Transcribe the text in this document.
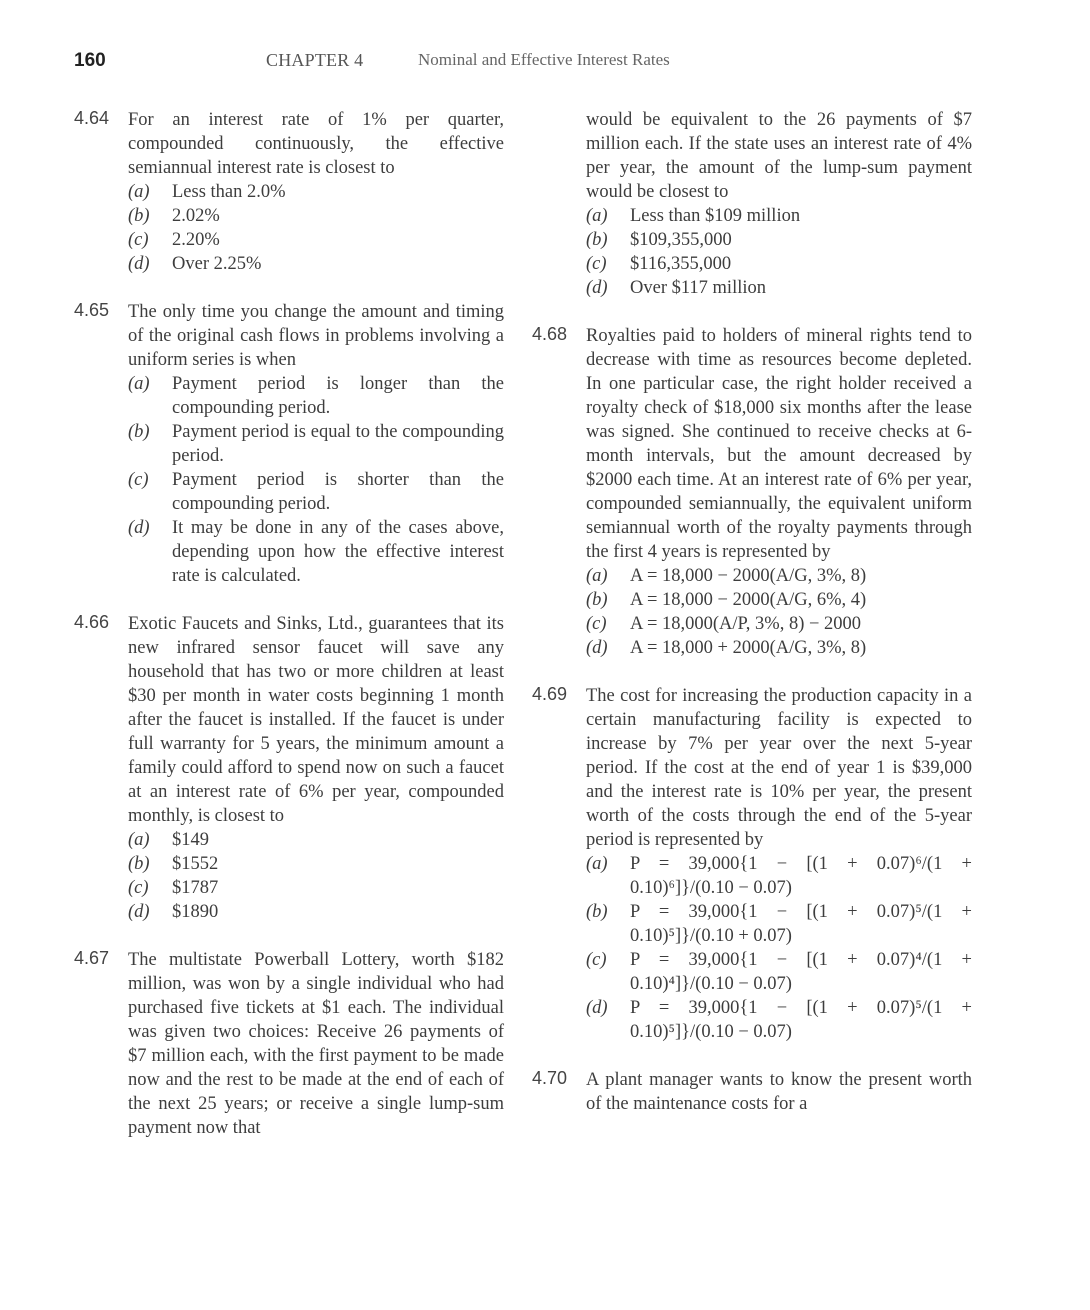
160	CHAPTER 4	Nominal and Effective Interest Rates
4.64 For an interest rate of 1% per quarter, compounded continuously, the effective semiannual interest rate is closest to
(a)	Less than 2.0%
(b)	2.02%
(c)	2.20%
(d)	Over 2.25%
4.65 The only time you change the amount and timing of the original cash flows in problems involving a uniform series is when
(a)	Payment period is longer than the compounding period.
(b)	Payment period is equal to the compounding period.
(c)	Payment period is shorter than the compounding period.
(d)	It may be done in any of the cases above, depending upon how the effective interest rate is calculated.
4.66 Exotic Faucets and Sinks, Ltd., guarantees that its new infrared sensor faucet will save any household that has two or more children at least $30 per month in water costs beginning 1 month after the faucet is installed. If the faucet is under full warranty for 5 years, the minimum amount a family could afford to spend now on such a faucet at an interest rate of 6% per year, compounded monthly, is closest to
(a)	$149
(b)	$1552
(c)	$1787
(d)	$1890
4.67 The multistate Powerball Lottery, worth $182 million, was won by a single individual who had purchased five tickets at $1 each. The individual was given two choices: Receive 26 payments of $7 million each, with the first payment to be made now and the rest to be made at the end of each of the next 25 years; or receive a single lump-sum payment now that
would be equivalent to the 26 payments of $7 million each. If the state uses an interest rate of 4% per year, the amount of the lump-sum payment would be closest to
(a)	Less than $109 million
(b)	$109,355,000
(c)	$116,355,000
(d)	Over $117 million
4.68 Royalties paid to holders of mineral rights tend to decrease with time as resources become depleted. In one particular case, the right holder received a royalty check of $18,000 six months after the lease was signed. She continued to receive checks at 6-month intervals, but the amount decreased by $2000 each time. At an interest rate of 6% per year, compounded semiannually, the equivalent uniform semiannual worth of the royalty payments through the first 4 years is represented by
(a)	A = 18,000 − 2000(A/G, 3%, 8)
(b)	A = 18,000 − 2000(A/G, 6%, 4)
(c)	A = 18,000(A/P, 3%, 8) − 2000
(d)	A = 18,000 + 2000(A/G, 3%, 8)
4.69 The cost for increasing the production capacity in a certain manufacturing facility is expected to increase by 7% per year over the next 5-year period. If the cost at the end of year 1 is $39,000 and the interest rate is 10% per year, the present worth of the costs through the end of the 5-year period is represented by
(a)	P = 39,000{1 − [(1 + 0.07)⁶/(1 + 0.10)⁶]}/(0.10 − 0.07)
(b)	P = 39,000{1 − [(1 + 0.07)⁵/(1 + 0.10)⁵]}/(0.10 + 0.07)
(c)	P = 39,000{1 − [(1 + 0.07)⁴/(1 + 0.10)⁴]}/(0.10 − 0.07)
(d)	P = 39,000{1 − [(1 + 0.07)⁵/(1 + 0.10)⁵]}/(0.10 − 0.07)
4.70 A plant manager wants to know the present worth of the maintenance costs for a
